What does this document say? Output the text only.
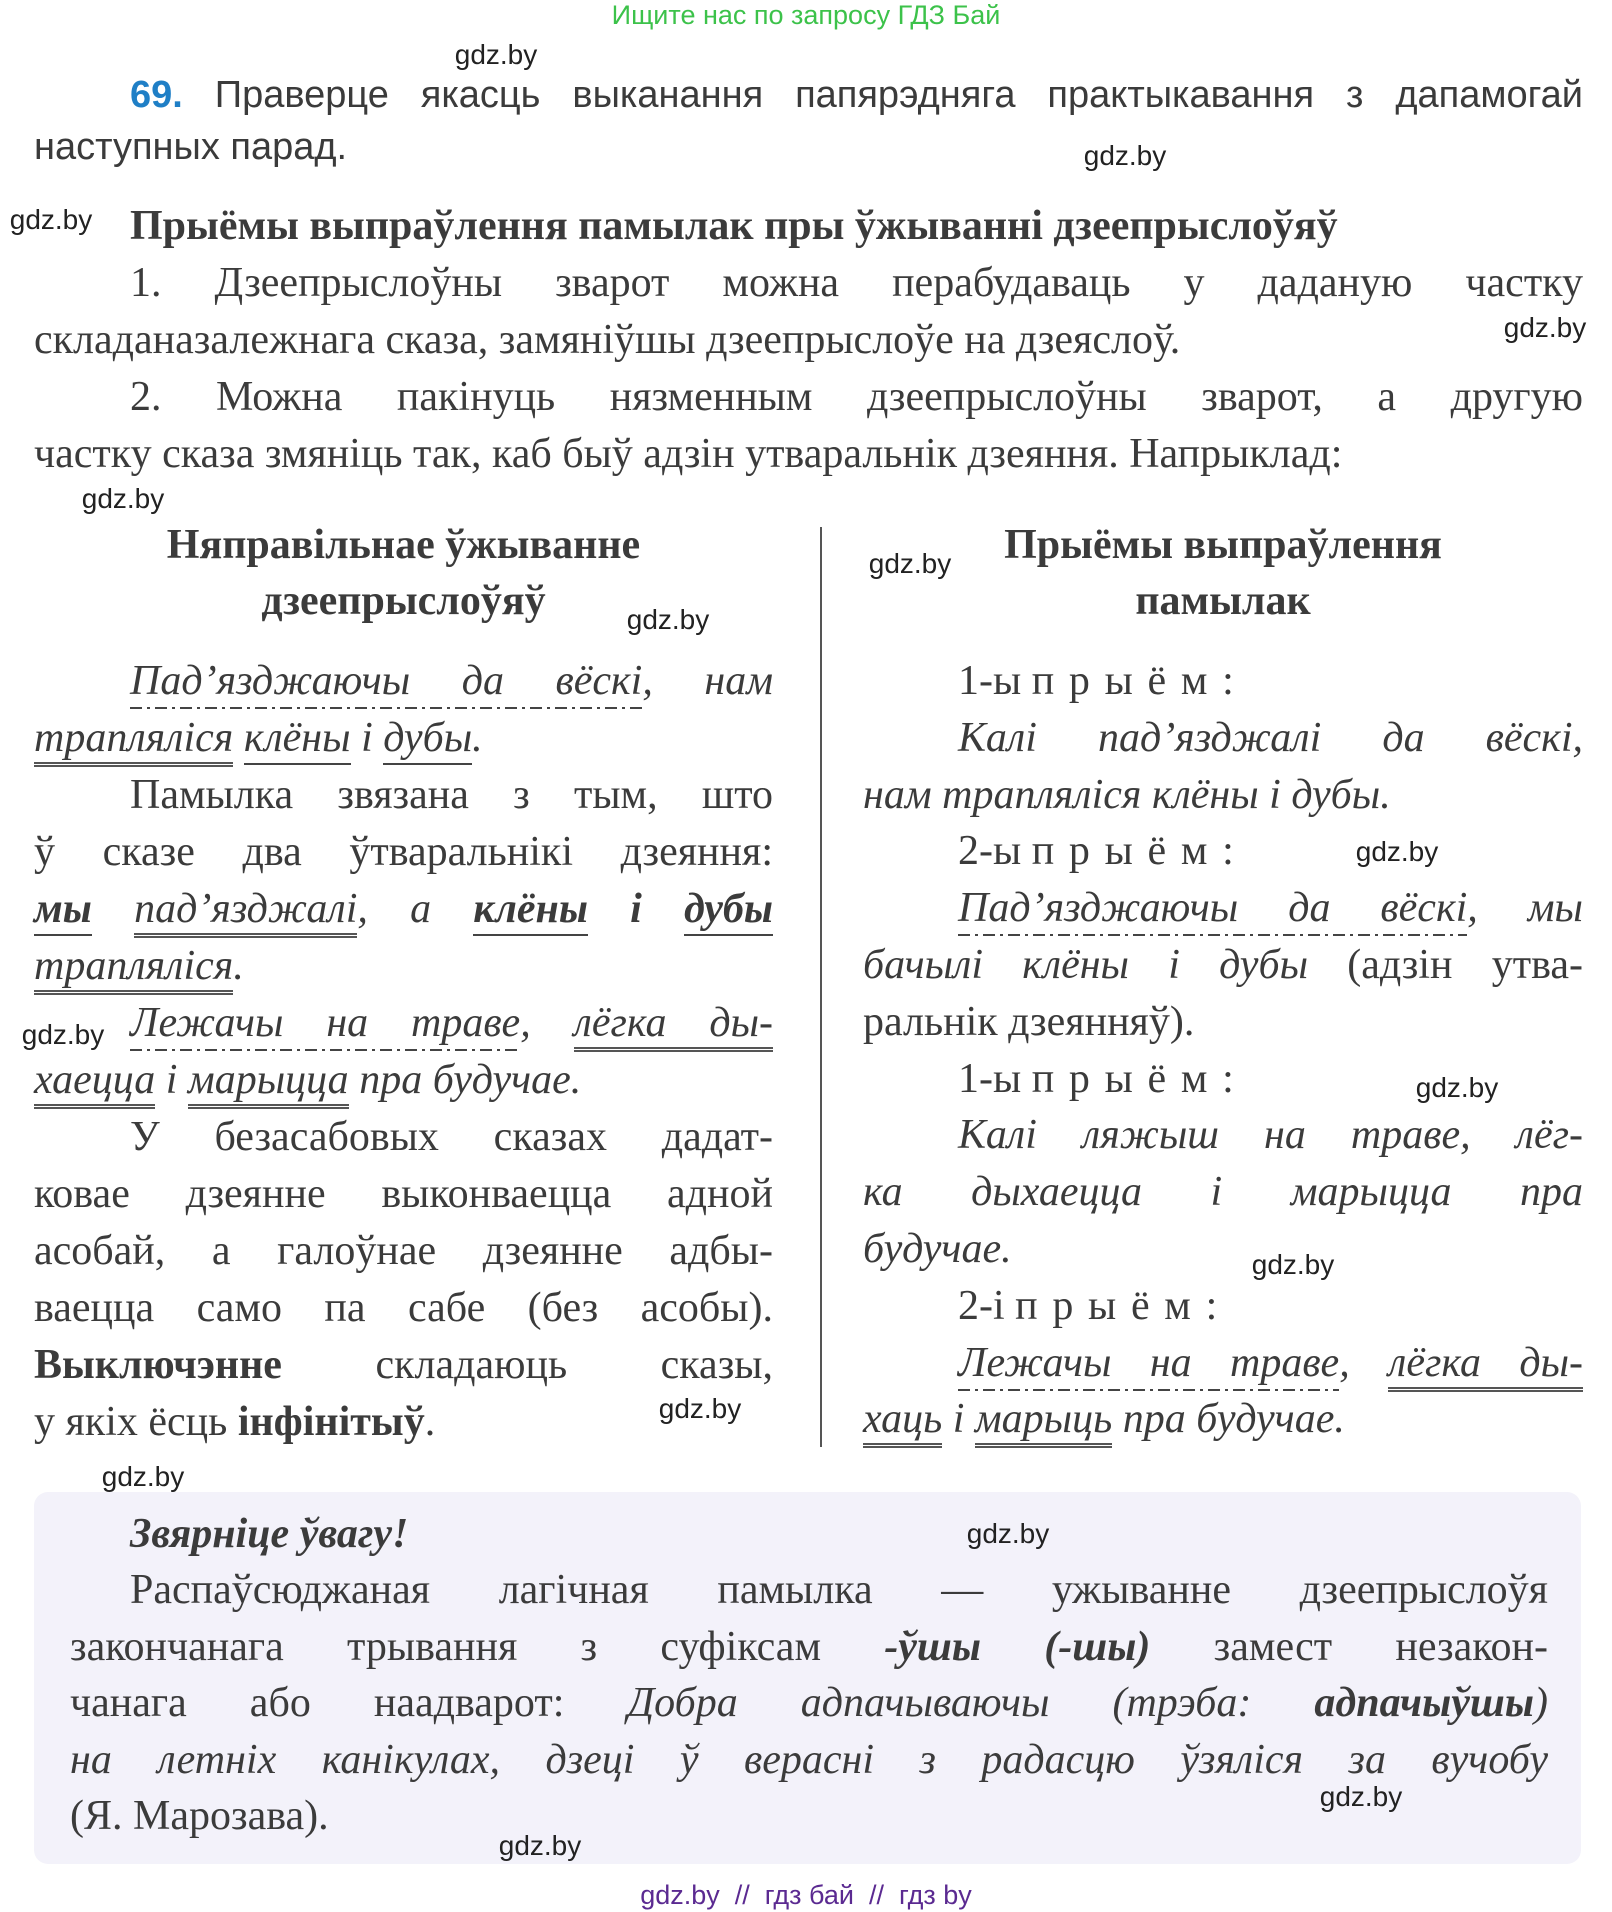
Ищите нас по запросу ГДЗ Бай
69. Праверце якасць выканання папярэдняга практыкавання з дапамогай
наступных парад.
Прыёмы выпраўлення памылак пры ўжыванні дзеепрыслоўяў
1. Дзеепрыслоўны зварот можна перабудаваць у даданую частку
складаназалежнага сказа, замяніўшы дзеепрыслоўе на дзеяслоў.
2. Можна пакінуць нязменным дзеепрыслоўны зварот, а другую
частку сказа змяніць так, каб быў адзін утваральнік дзеяння. Напрыклад:
Няправільнае ўжыванне
дзеепрыслоўяў
Прыёмы выпраўлення
памылак
Пад’язджаючы да вёскі, нам
трапляліся клёны і дубы.
Памылка звязана з тым, што
ў сказе два ўтваральнікі дзеяння:
мы пад’язджалі, а клёны і дубы
трапляліся.
Лежачы на траве, лёгка ды-
хаецца і марыцца пра будучае.
У безасабовых сказах дадат-
ковае дзеянне выконваецца адной
асобай, а галоўнае дзеянне адбы-
ваецца само па сабе (без асобы).
Выключэнне складаюць сказы,
у якіх ёсць інфінітыў.
1-ы прыём:
Калі пад’язджалі да вёскі,
нам трапляліся клёны і дубы.
2-ы прыём:
Пад’язджаючы да вёскі, мы
бачылі клёны і дубы (адзін утва-
ральнік дзеянняў).
1-ы прыём:
Калі ляжыш на траве, лёг-
ка дыхаецца і марыцца пра
будучае.
2-і прыём:
Лежачы на траве, лёгка ды-
хаць і марыць пра будучае.
Звярніце ўвагу!
Распаўсюджаная лагічная памылка — ужыванне дзеепрыслоўя
закончанага трывання з суфіксам -ўшы (-шы) замест незакон-
чанага або наадварот: Добра адпачываючы (трэба: адпачыўшы)
на летніх канікулах, дзеці ў верасні з радасцю ўзяліся за вучобу
(Я. Марозава).
gdz.by  //  гдз бай  //  гдз by
gdz.by
gdz.by
gdz.by
gdz.by
gdz.by
gdz.by
gdz.by
gdz.by
gdz.by
gdz.by
gdz.by
gdz.by
gdz.by
gdz.by
gdz.by
gdz.by
